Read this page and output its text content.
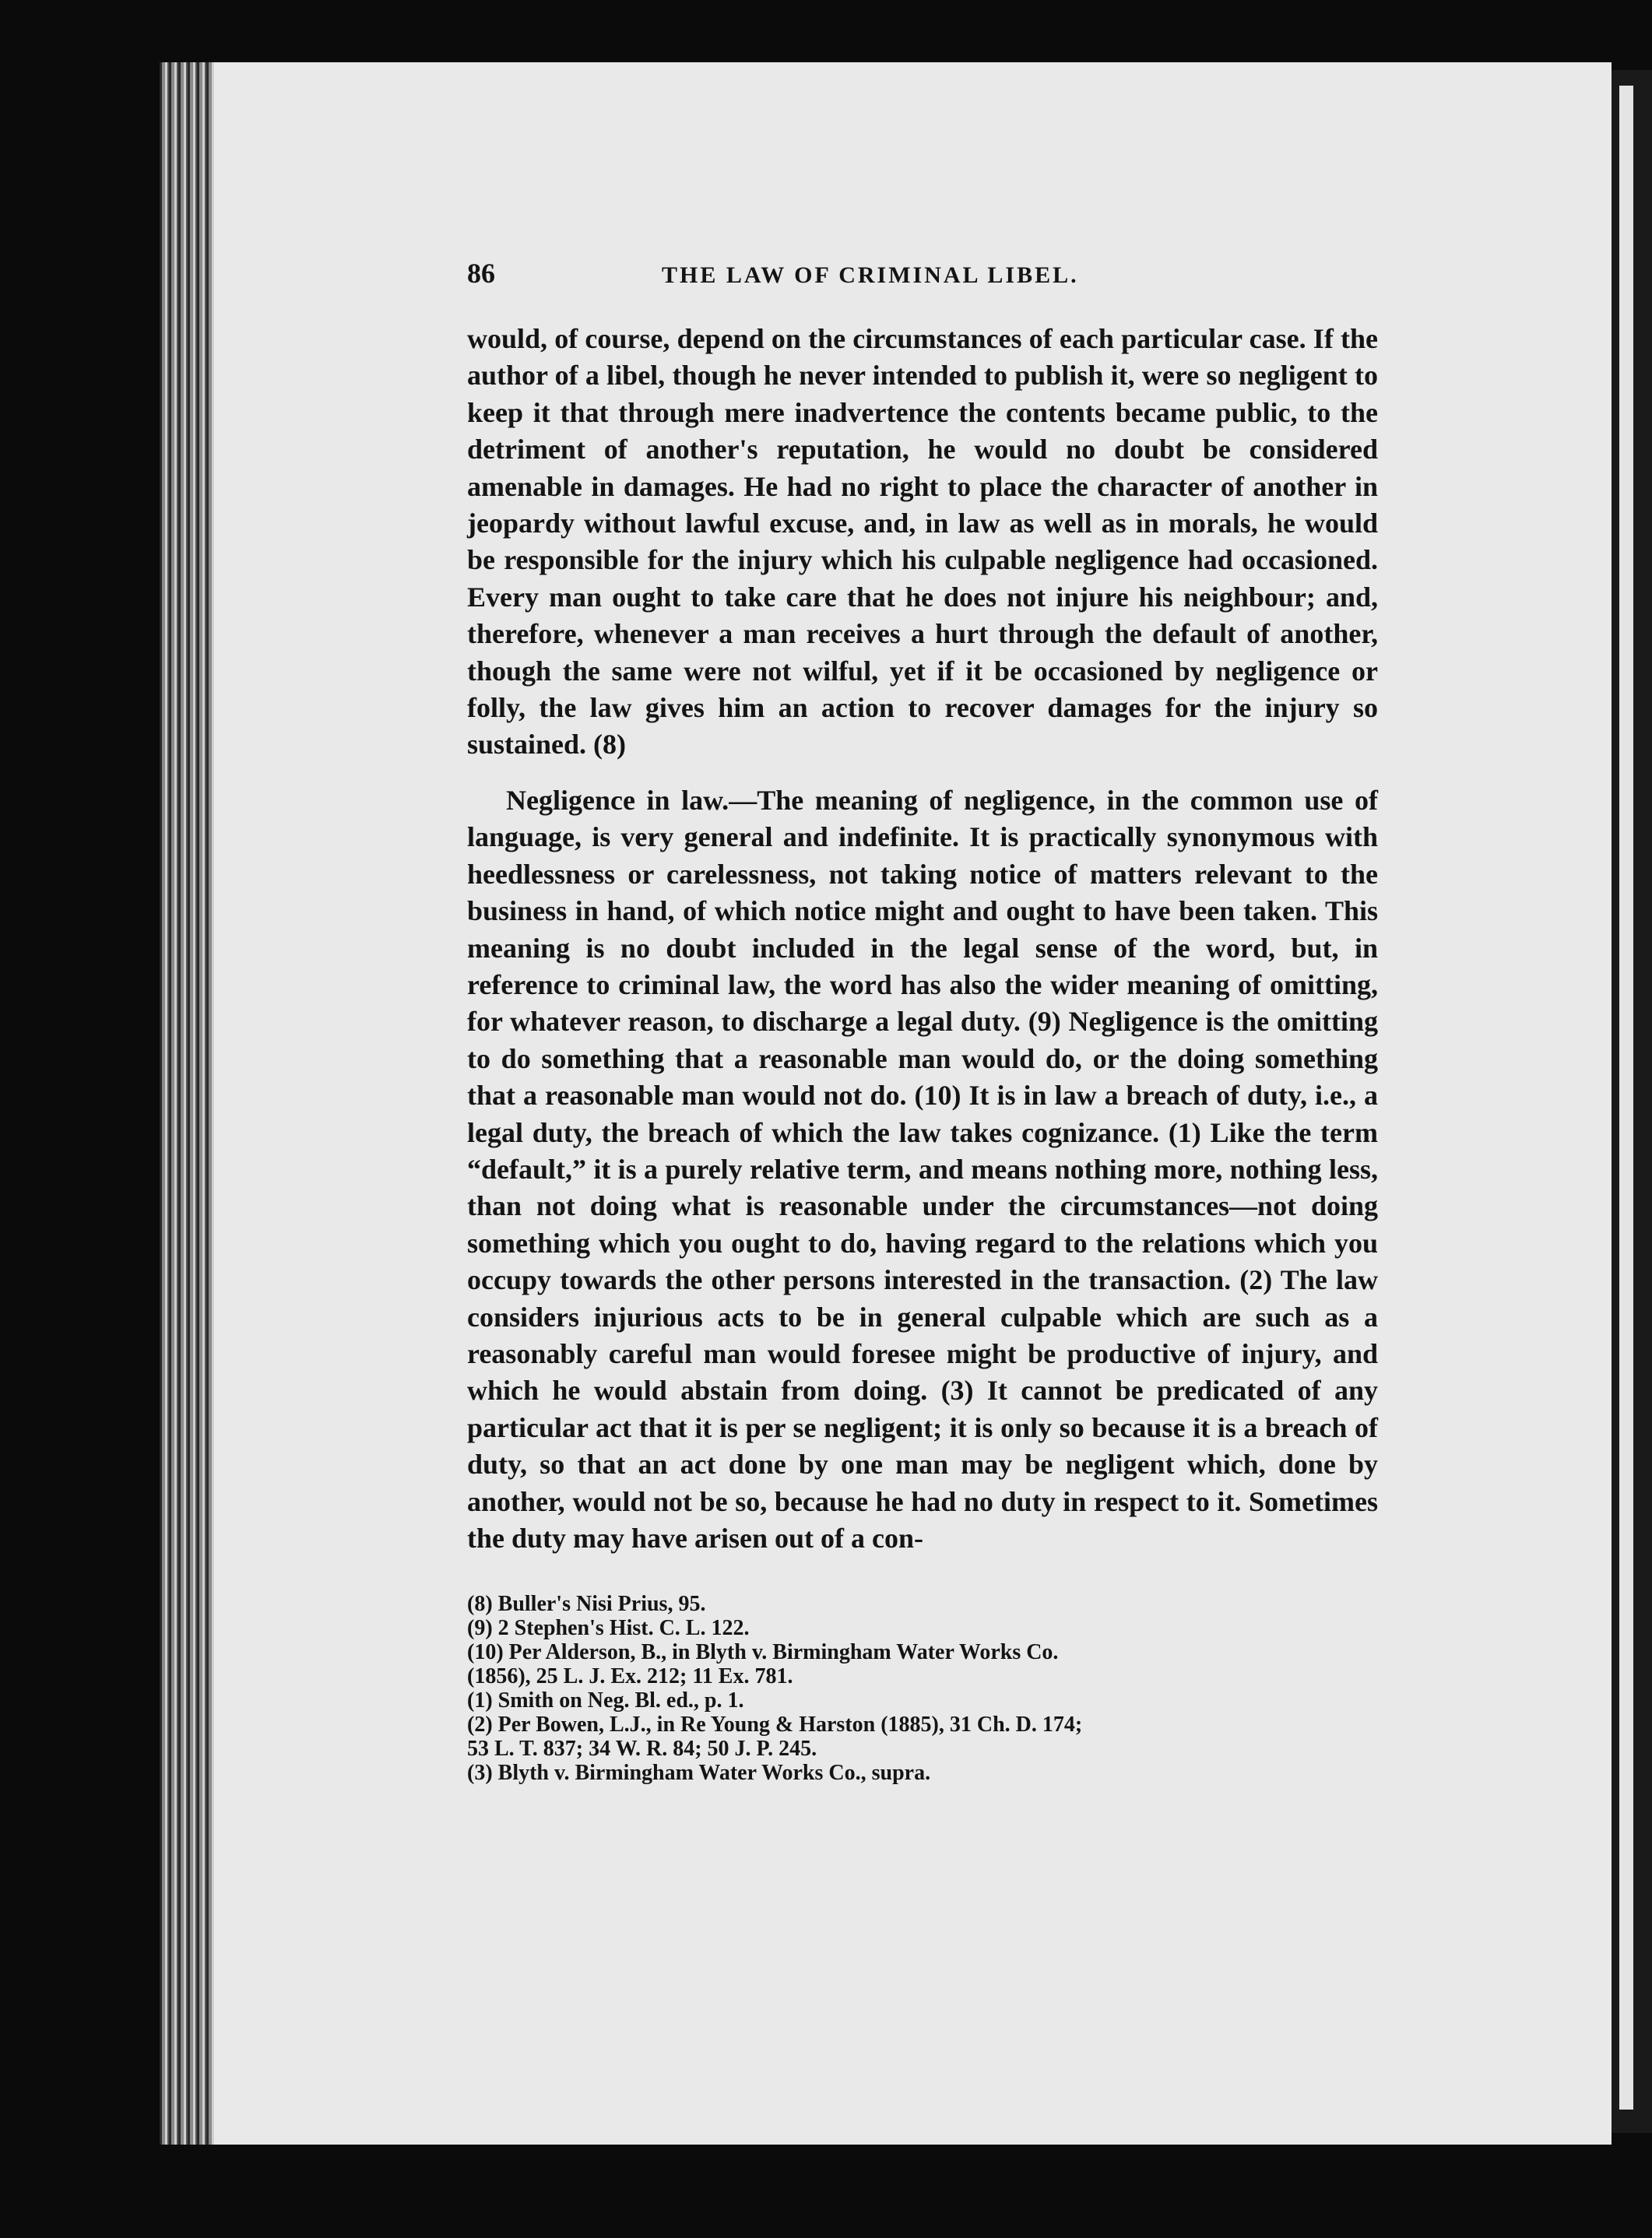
86	THE LAW OF CRIMINAL LIBEL.

would, of course, depend on the circumstances of each particular case. If the author of a libel, though he never intended to publish it, were so negligent to keep it that through mere inadvertence the contents became public, to the detriment of another's reputation, he would no doubt be considered amenable in damages. He had no right to place the character of another in jeopardy without lawful excuse, and, in law as well as in morals, he would be responsible for the injury which his culpable negligence had occasioned. Every man ought to take care that he does not injure his neighbour; and, therefore, whenever a man receives a hurt through the default of another, though the same were not wilful, yet if it be occasioned by negligence or folly, the law gives him an action to recover damages for the injury so sustained. (8)

Negligence in law.—The meaning of negligence, in the common use of language, is very general and indefinite. It is practically synonymous with heedlessness or carelessness, not taking notice of matters relevant to the business in hand, of which notice might and ought to have been taken. This meaning is no doubt included in the legal sense of the word, but, in reference to criminal law, the word has also the wider meaning of omitting, for whatever reason, to discharge a legal duty. (9) Negligence is the omitting to do something that a reasonable man would do, or the doing something that a reasonable man would not do. (10) It is in law a breach of duty, i.e., a legal duty, the breach of which the law takes cognizance. (1) Like the term “default,” it is a purely relative term, and means nothing more, nothing less, than not doing what is reasonable under the circumstances—not doing something which you ought to do, having regard to the relations which you occupy towards the other persons interested in the transaction. (2) The law considers injurious acts to be in general culpable which are such as a reasonably careful man would foresee might be productive of injury, and which he would abstain from doing. (3) It cannot be predicated of any particular act that it is per se negligent; it is only so because it is a breach of duty, so that an act done by one man may be negligent which, done by another, would not be so, because he had no duty in respect to it. Sometimes the duty may have arisen out of a con-

(8) Buller's Nisi Prius, 95.
(9) 2 Stephen's Hist. C. L. 122.
(10) Per Alderson, B., in Blyth v. Birmingham Water Works Co.
(1856), 25 L. J. Ex. 212; 11 Ex. 781.
(1) Smith on Neg. Bl. ed., p. 1.
(2) Per Bowen, L.J., in Re Young & Harston (1885), 31 Ch. D. 174;
53 L. T. 837; 34 W. R. 84; 50 J. P. 245.
(3) Blyth v. Birmingham Water Works Co., supra.
